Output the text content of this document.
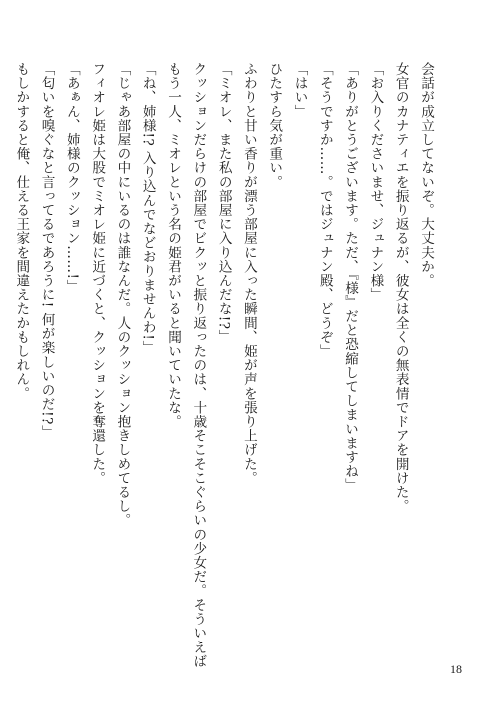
会話が成立してないぞ。大丈夫か。
女官のカナティエを振り返るが、彼女は全くの無表情でドアを開けた。
「お入りくださいませ、ジュナン様」
「ありがとうございます。ただ、『様』だと恐縮してしまいますね」
「そうですか……。ではジュナン殿、どうぞ」
「はい」
ひたすら気が重い。
ふわりと甘い香りが漂う部屋に入った瞬間、姫が声を張り上げた。
「ミオレ、また私の部屋に入り込んだな!?」
クッションだらけの部屋でビクッと振り返ったのは、十歳そこそこぐらいの少女だ。そういえば
もう一人、ミオレという名の姫君がいると聞いていたな。
「ね、姉様!? 入り込んでなどおりませんわ!」
「じゃあ部屋の中にいるのは誰なんだ。人のクッション抱きしめてるし。
フィオレ姫は大股でミオレ姫に近づくと、クッションを奪還した。
「あぁん、姉様のクッション……!」
「匂いを嗅ぐなと言ってるであろうに! 何が楽しいのだ!?」
もしかすると俺、仕える王家を間違えたかもしれん。
18
